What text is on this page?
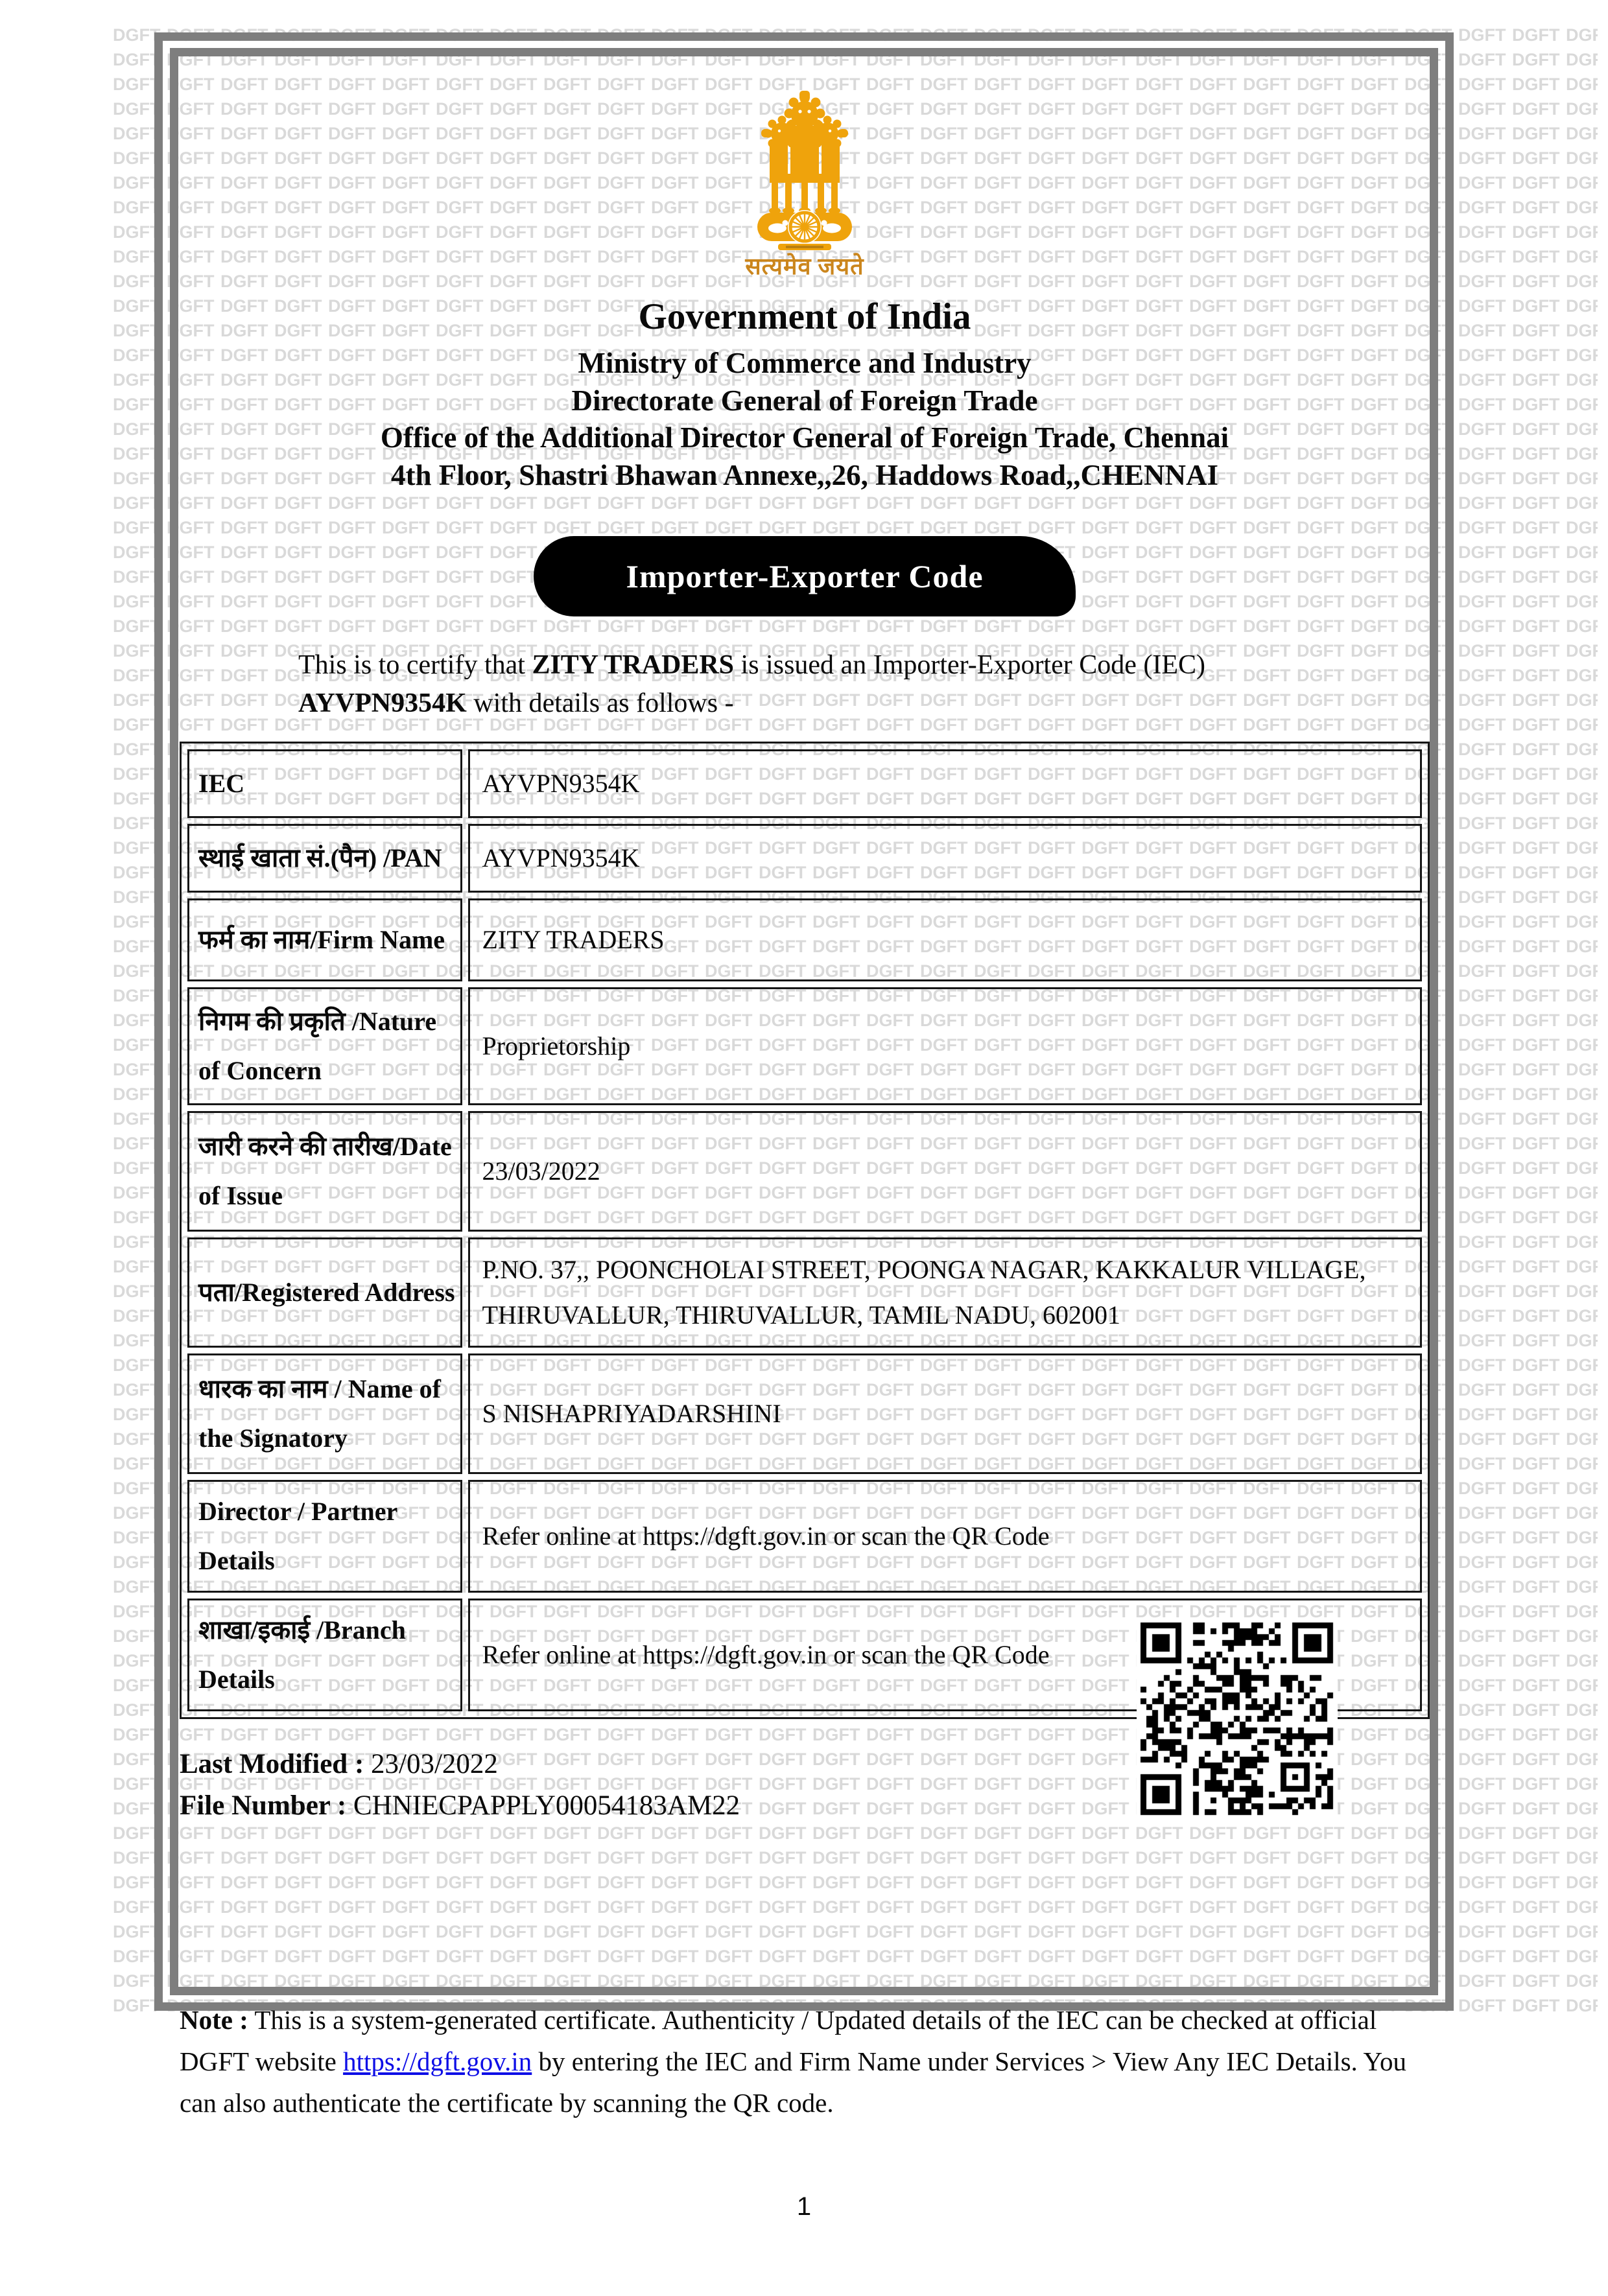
सत्यमेव जयते
Government of India
Ministry of Commerce and Industry
Directorate General of Foreign Trade
Office of the Additional Director General of Foreign Trade, Chennai
4th Floor, Shastri Bhawan Annexe,,26, Haddows Road,,CHENNAI
Importer-Exporter Code

This is to certify that ZITY TRADERS is issued an Importer-Exporter Code (IEC) AYVPN9354K with details as follows -

IEC	AYVPN9354K
स्थाई खाता सं.(पैन) /PAN	AYVPN9354K
फर्म का नाम/Firm Name	ZITY TRADERS
निगम की प्रकृति /Nature of Concern	Proprietorship
जारी करने की तारीख/Date of Issue	23/03/2022
पता/Registered Address	P.NO. 37,, POONCHOLAI STREET, POONGA NAGAR, KAKKALUR VILLAGE, THIRUVALLUR, THIRUVALLUR, TAMIL NADU, 602001
धारक का नाम / Name of the Signatory	S NISHAPRIYADARSHINI
Director / Partner Details	Refer online at https://dgft.gov.in or scan the QR Code
शाखा/इकाई /Branch Details	Refer online at https://dgft.gov.in or scan the QR Code
Last Modified : 23/03/2022
File Number : CHNIECPAPPLY00054183AM22

Note : This is a system-generated certificate. Authenticity / Updated details of the IEC can be checked at official DGFT website https://dgft.gov.in by entering the IEC and Firm Name under Services > View Any IEC Details. You can also authenticate the certificate by scanning the QR code.

1
